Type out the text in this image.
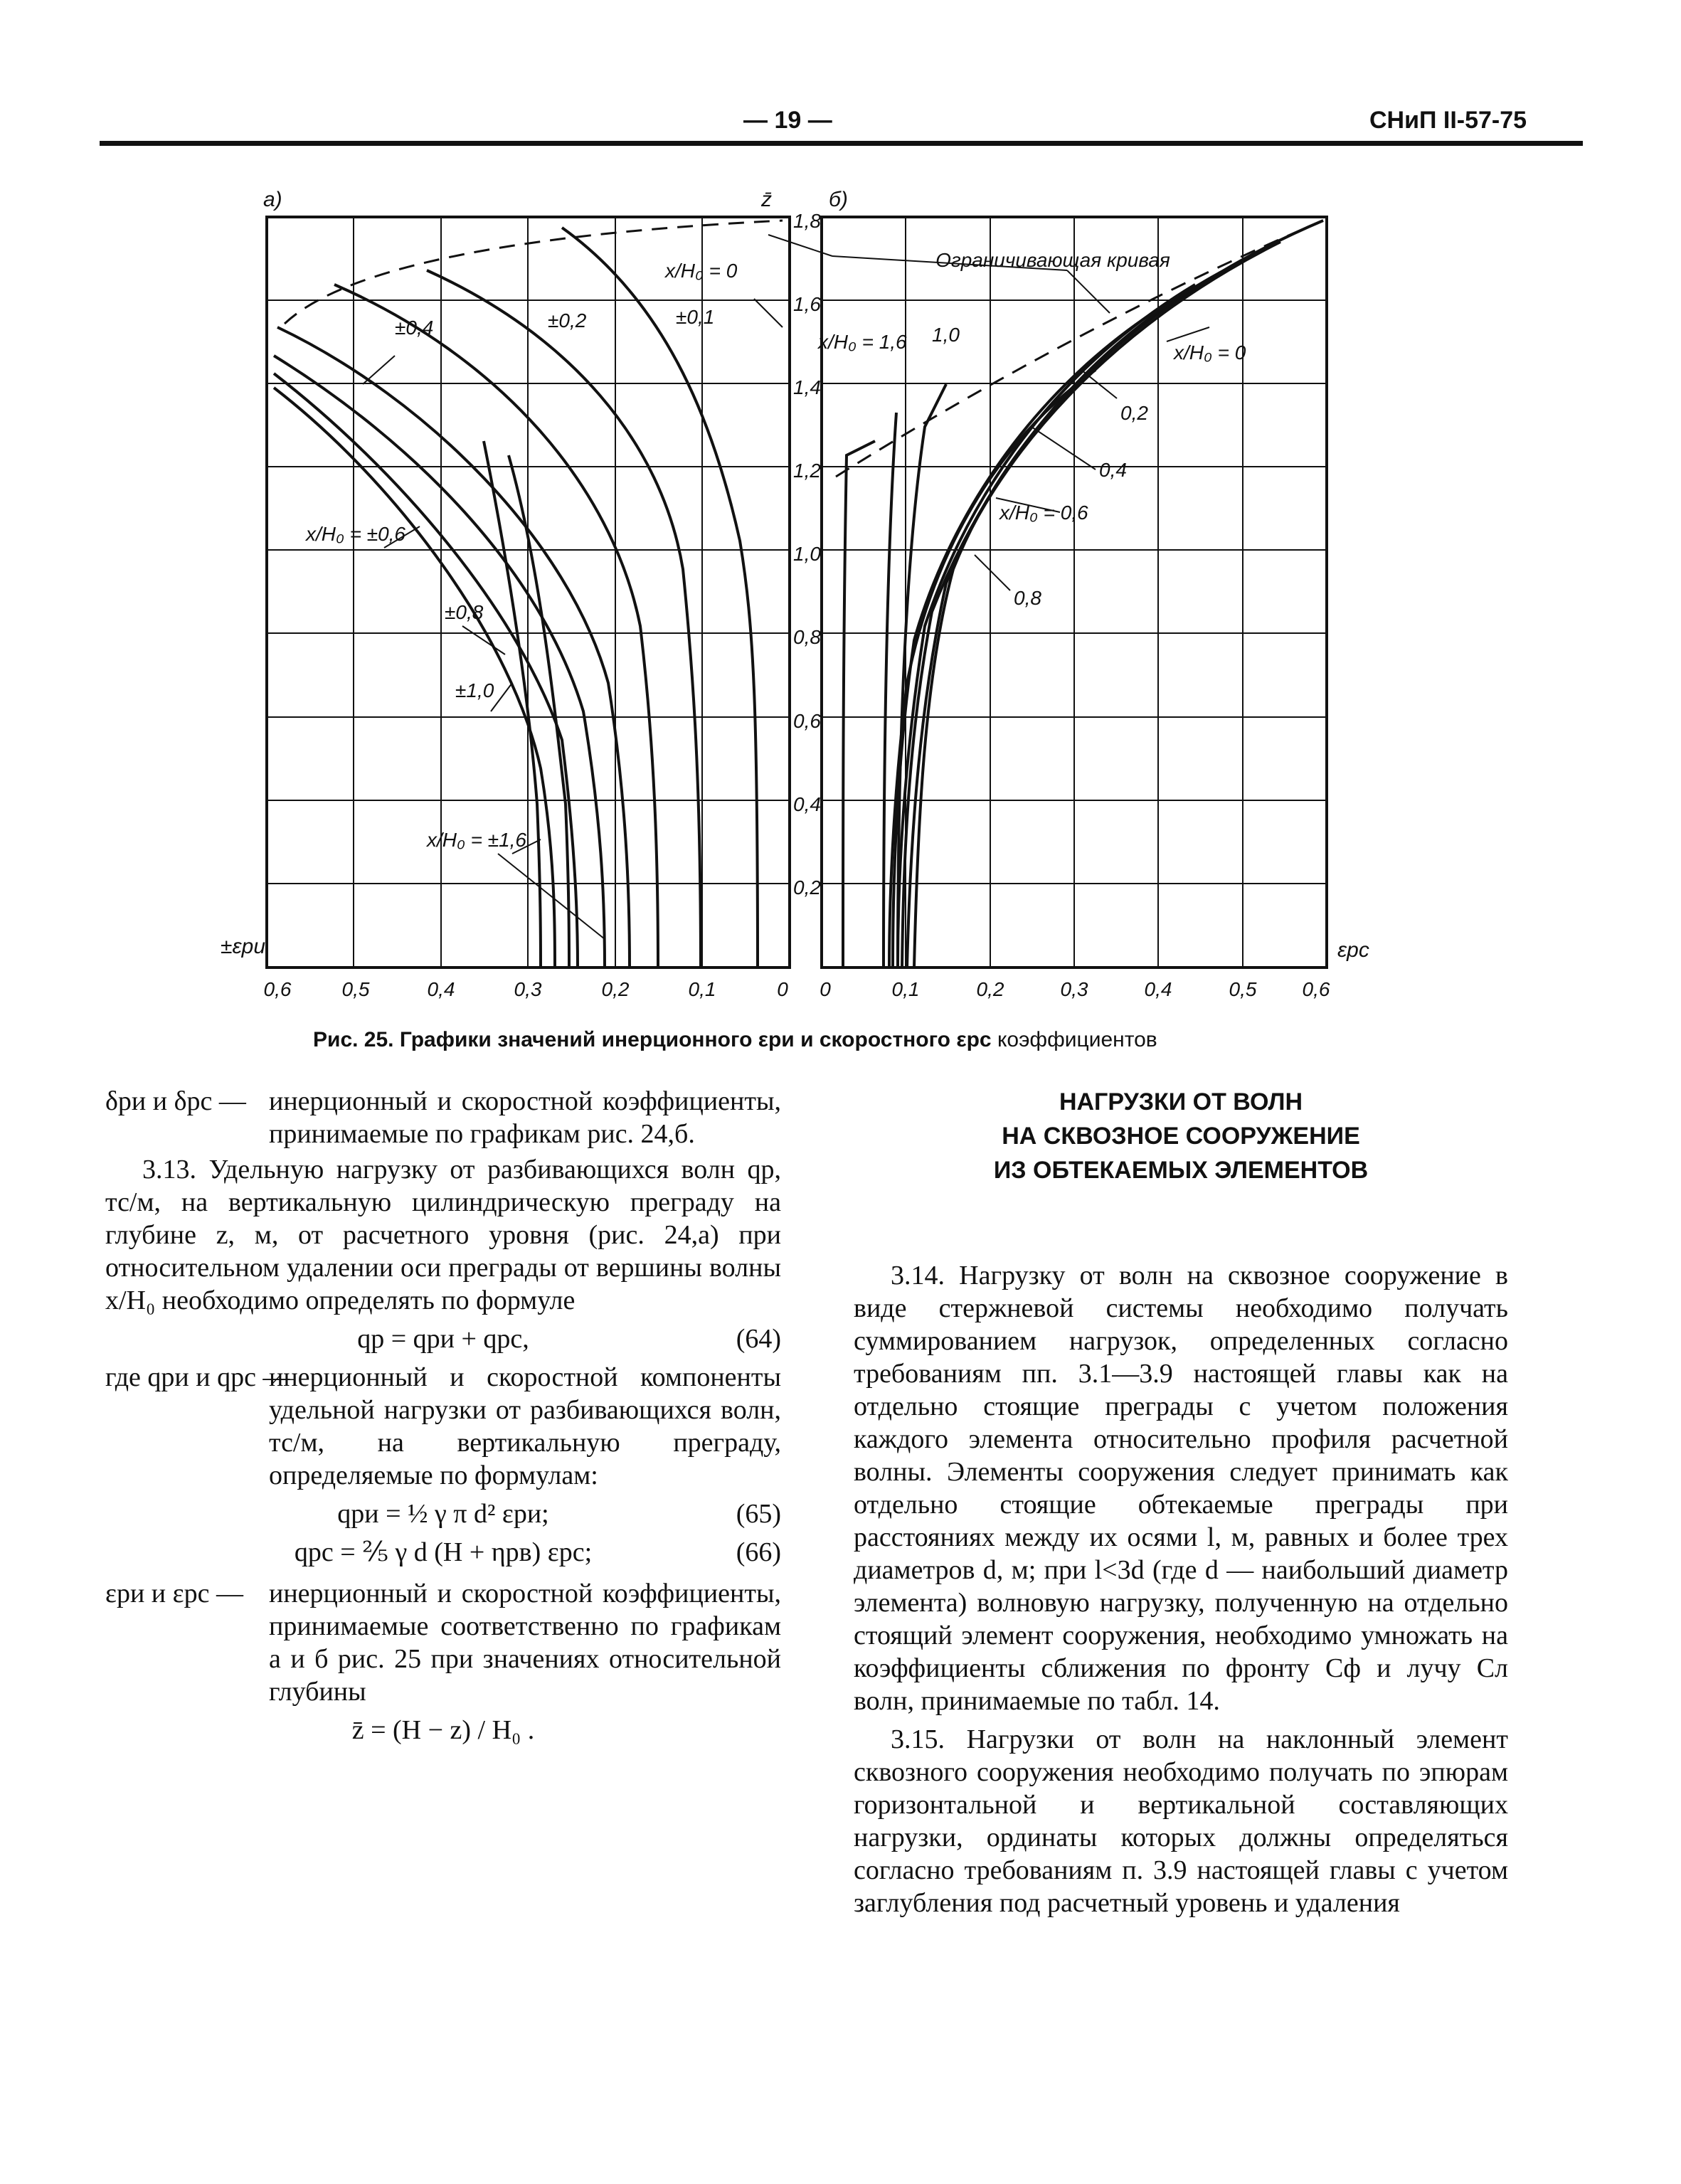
— 19 —	СНиП II-57-75
а)	б)
z̄
±εри	εрс
1,8
1,6
1,4
1,2
1,0
0,8
0,6
0,4
0,2
0,6	0,5	0,4	0,3	0,2	0,1	0 0	0,1	0,2	0,3	0,4	0,5 0,6
x/H₀ = 0
±0,1
±0,2
±0,4
x/H₀ = ±0,6
±0,8
±1,0
x/H₀ = ±1,6
x/H₀ = 1,6 1,0
x/H₀ = 0
0,2
0,4
x/H₀ = 0,6
0,8
Ограничивающая кривая
Рис. 25. Графики значений инерционного εри и скоростного εрс коэффициентов
δри и δрс — инерционный и скоростной коэффициенты, принимаемые по графикам рис. 24,б.

3.13. Удельную нагрузку от разбивающихся волн qр, тс/м, на вертикальную цилиндрическую преграду на глубине z, м, от расчетного уровня (рис. 24,а) при относительном удалении оси преграды от вершины волны x/H₀ необходимо определять по формуле

qр = qри + qрс,	(64)
где qри и qрс —

инерционный и скоростной компоненты удельной нагрузки от разбивающихся волн, тс/м, на вертикальную преграду, определяемые по формулам:

qри = ½ γ π d² εри;	(65)
qрс = ⅖ γ d (H + ηрв) εрс;	(66)
εри и εрс — инерционный и скоростной коэффициенты, принимаемые соответственно по графикам а и б рис. 25 при значениях относительной глубины

z̄ = (H − z) / H₀ .
НАГРУЗКИ ОТ ВОЛН
НА СКВОЗНОЕ СООРУЖЕНИЕ
ИЗ ОБТЕКАЕМЫХ ЭЛЕМЕНТОВ

3.14. Нагрузку от волн на сквозное сооружение в виде стержневой системы необходимо получать суммированием нагрузок, определенных согласно требованиям пп. 3.1—3.9 настоящей главы как на отдельно стоящие преграды с учетом положения каждого элемента относительно профиля расчетной волны. Элементы сооружения следует принимать как отдельно стоящие обтекаемые преграды при расстояниях между их осями l, м, равных и более трех диаметров d, м; при l<3d (где d — наибольший диаметр элемента) волновую нагрузку, полученную на отдельно стоящий элемент сооружения, необходимо умножать на коэффициенты сближения по фронту Cф и лучу Cл волн, принимаемые по табл. 14.

3.15. Нагрузки от волн на наклонный элемент сквозного сооружения необходимо получать по эпюрам горизонтальной и вертикальной составляющих нагрузки, ординаты которых должны определяться согласно требованиям п. 3.9 настоящей главы с учетом заглубления под расчетный уровень и удаления
